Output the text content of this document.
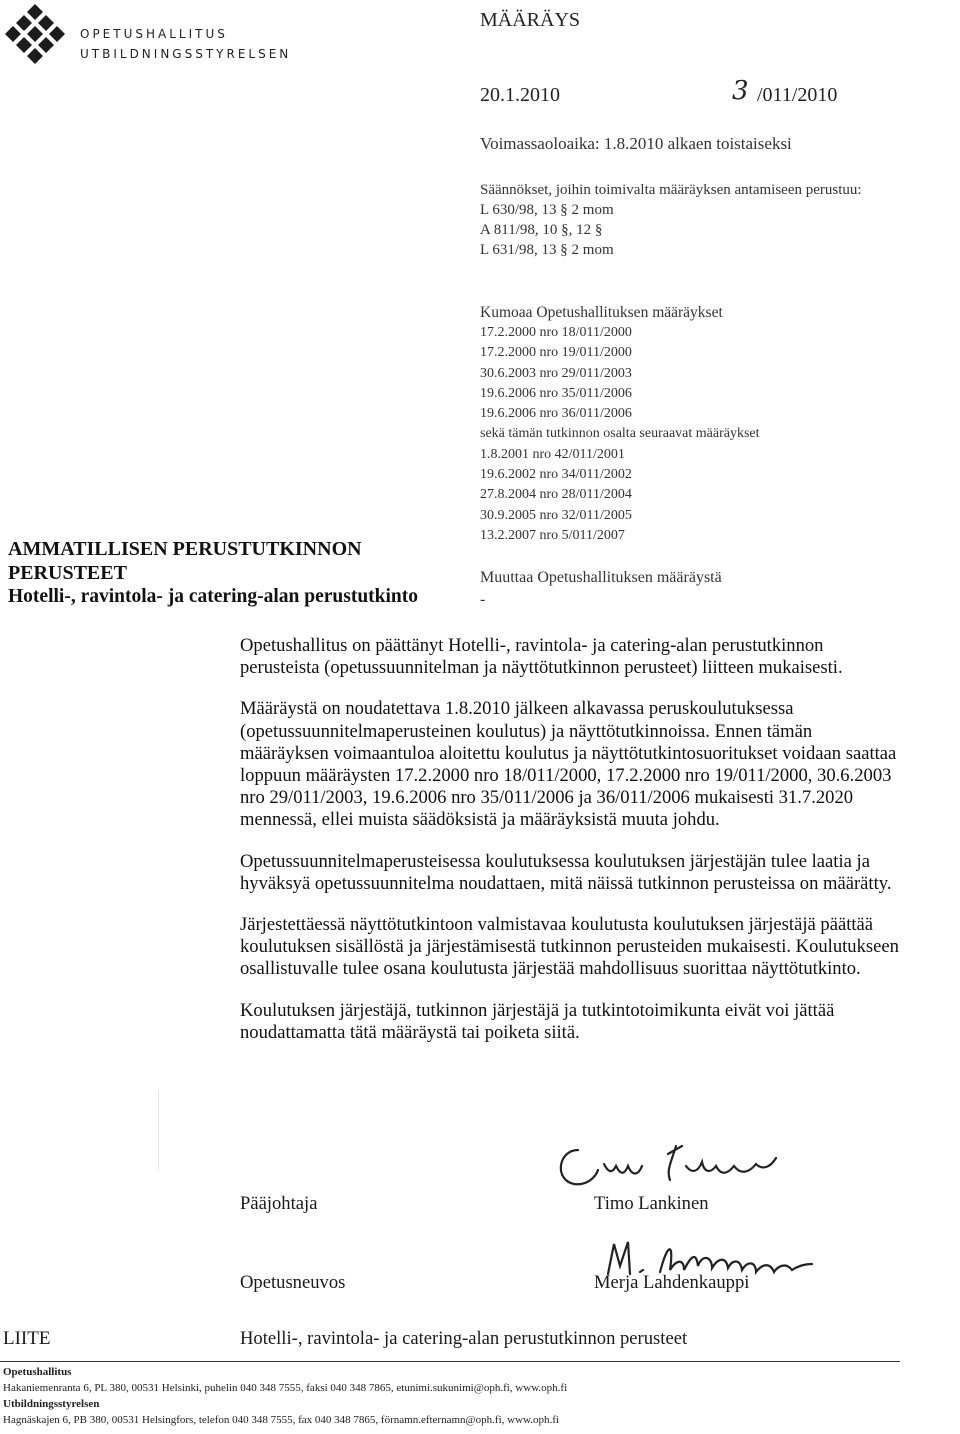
OPETUSHALLITUS
UTBILDNINGSSTYRELSEN
MÄÄRÄYS
20.1.2010	3 /011/2010
Voimassaoloaika: 1.8.2010 alkaen toistaiseksi
Säännökset, joihin toimivalta määräyksen antamiseen perustuu:
L 630/98, 13 § 2 mom
A 811/98, 10 §, 12 §
L 631/98, 13 § 2 mom
Kumoaa Opetushallituksen määräykset
17.2.2000 nro 18/011/2000
17.2.2000 nro 19/011/2000
30.6.2003 nro 29/011/2003
19.6.2006 nro 35/011/2006
19.6.2006 nro 36/011/2006
sekä tämän tutkinnon osalta seuraavat määräykset
1.8.2001 nro 42/011/2001
19.6.2002 nro 34/011/2002
27.8.2004 nro 28/011/2004
30.9.2005 nro 32/011/2005
13.2.2007 nro 5/011/2007
Muuttaa Opetushallituksen määräystä
-
AMMATILLISEN PERUSTUTKINNON
PERUSTEET
Hotelli-, ravintola- ja catering-alan perustutkinto

Opetushallitus on päättänyt Hotelli-, ravintola- ja catering-alan perustutkinnon perusteista (opetussuunnitelman ja näyttötutkinnon perusteet) liitteen mukaisesti.

Määräystä on noudatettava 1.8.2010 jälkeen alkavassa peruskoulutuksessa (opetussuunnitelmaperusteinen koulutus) ja näyttötutkinnoissa. Ennen tämän määräyksen voimaantuloa aloitettu koulutus ja näyttötutkintosuoritukset voidaan saattaa loppuun määräysten 17.2.2000 nro 18/011/2000, 17.2.2000 nro 19/011/2000, 30.6.2003 nro 29/011/2003, 19.6.2006 nro 35/011/2006 ja 36/011/2006 mukaisesti 31.7.2020 mennessä, ellei muista säädöksistä ja määräyksistä muuta johdu.

Opetussuunnitelmaperusteisessa koulutuksessa koulutuksen järjestäjän tulee laatia ja hyväksyä opetussuunnitelma noudattaen, mitä näissä tutkinnon perusteissa on määrätty.

Järjestettäessä näyttötutkintoon valmistavaa koulutusta koulutuksen järjestäjä päättää koulutuksen sisällöstä ja järjestämisestä tutkinnon perusteiden mukaisesti. Koulutukseen osallistuvalle tulee osana koulutusta järjestää mahdollisuus suorittaa näyttötutkinto.

Koulutuksen järjestäjä, tutkinnon järjestäjä ja tutkintotoimikunta eivät voi jättää noudattamatta tätä määräystä tai poiketa siitä.

Pääjohtaja	Timo Lankinen
Opetusneuvos	Merja Lahdenkauppi
LIITE	Hotelli-, ravintola- ja catering-alan perustutkinnon perusteet
Opetushallitus
Hakaniemenranta 6, PL 380, 00531 Helsinki, puhelin 040 348 7555, faksi 040 348 7865, etunimi.sukunimi@oph.fi, www.oph.fi
Utbildningsstyrelsen
Hagnäskajen 6, PB 380, 00531 Helsingfors, telefon 040 348 7555, fax 040 348 7865, förnamn.efternamn@oph.fi, www.oph.fi
